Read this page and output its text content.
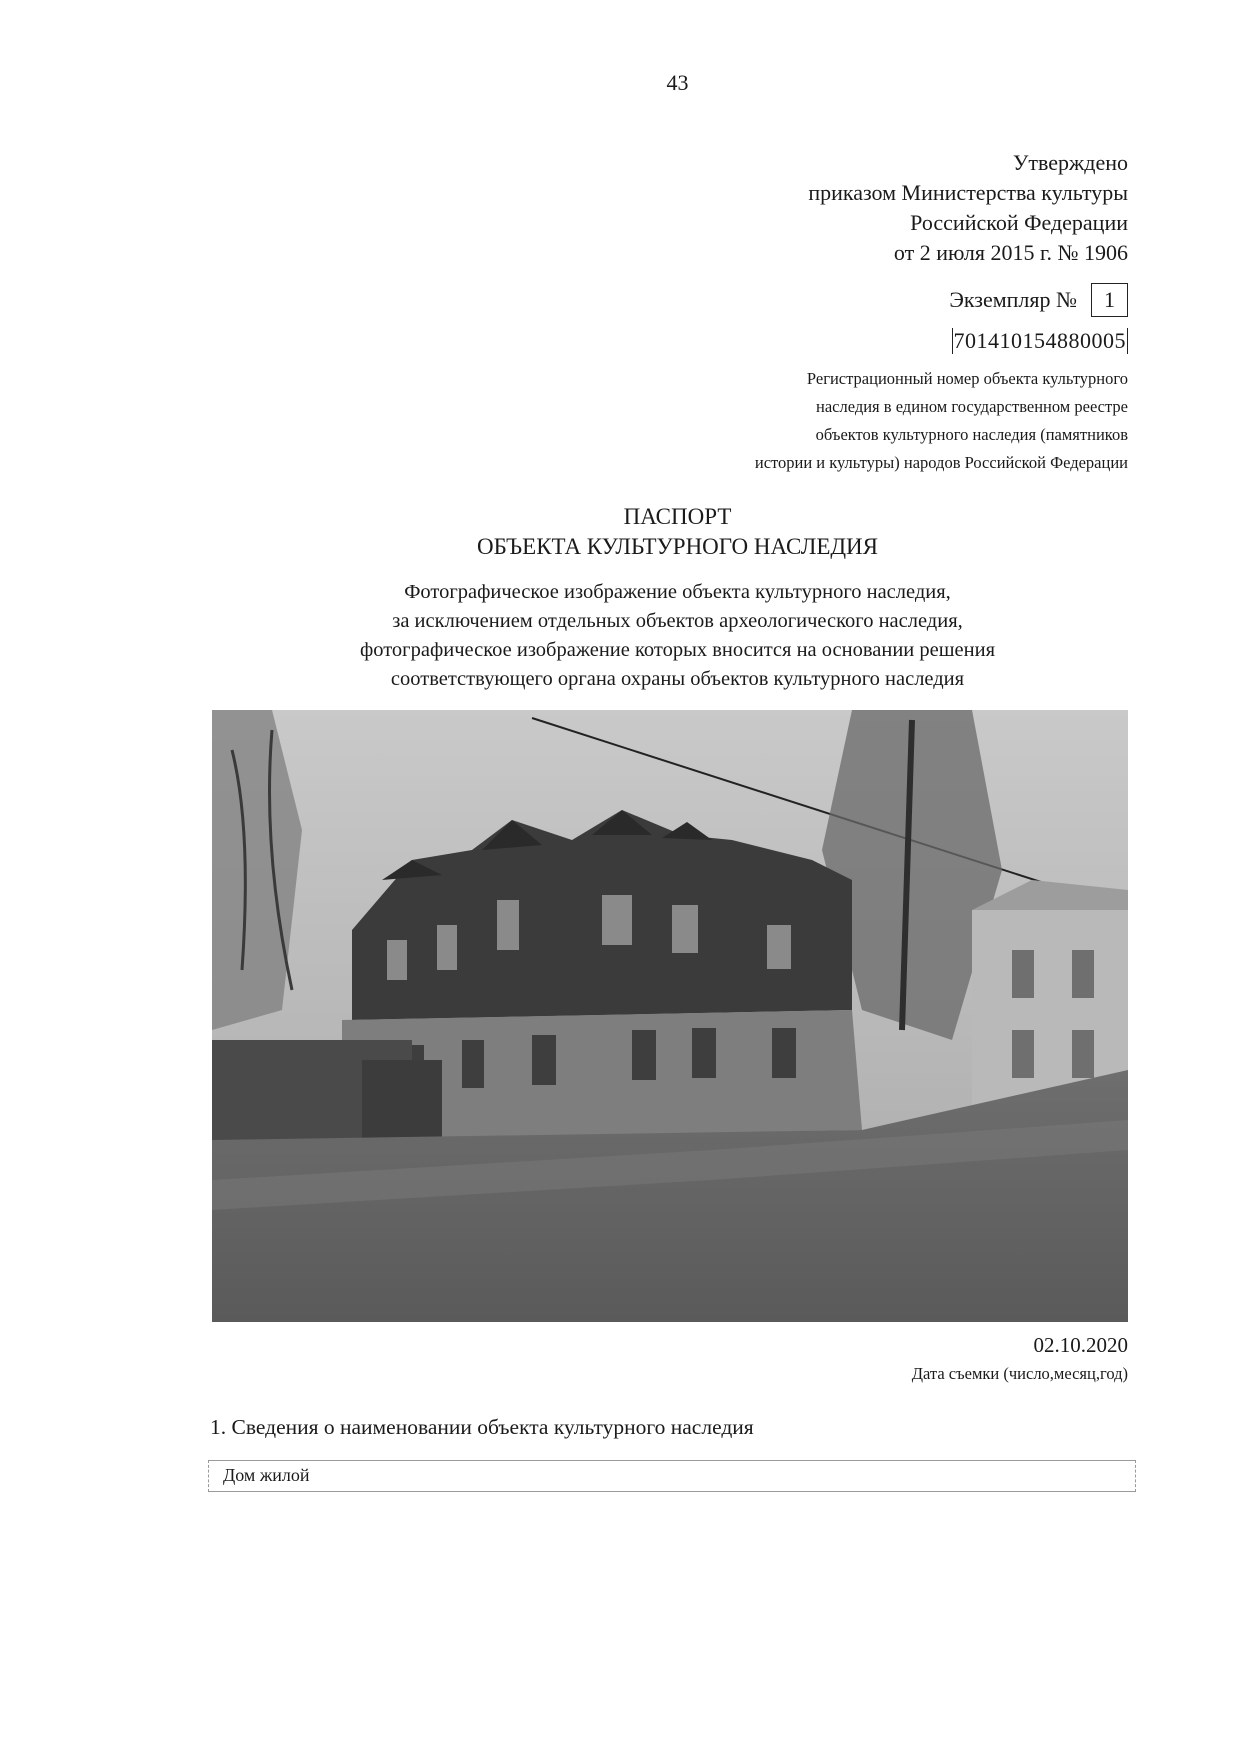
43
Утверждено
приказом Министерства культуры
Российской Федерации
от 2 июля 2015 г. № 1906
Экземпляр №	1
701410154880005
Регистрационный номер объекта культурного
наследия в едином государственном реестре
объектов культурного наследия (памятников
истории и культуры) народов Российской Федерации
ПАСПОРТ
ОБЪЕКТА КУЛЬТУРНОГО НАСЛЕДИЯ
Фотографическое изображение объекта культурного наследия,
за исключением отдельных объектов археологического наследия,
фотографическое изображение которых вносится на основании решения
соответствующего органа охраны объектов культурного наследия
02.10.2020
Дата съемки (число,месяц,год)
1. Сведения о наименовании объекта культурного наследия
Дом жилой
